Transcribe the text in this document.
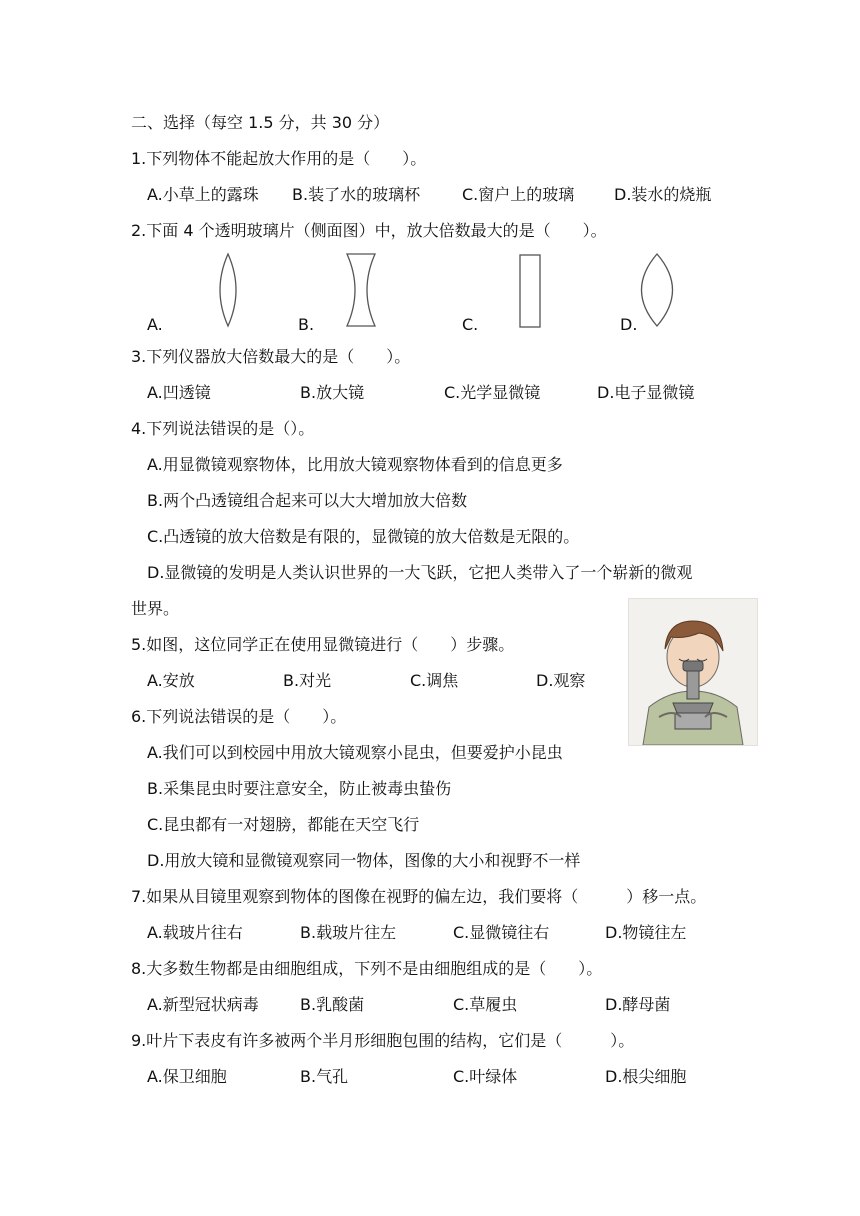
二、选择（每空 1.5 分，共 30 分）
1.下列物体不能起放大作用的是（　　）。
A.小草上的露珠 B.装了水的玻璃杯	C.窗户上的玻璃 D.装水的烧瓶
2.下面 4 个透明玻璃片（侧面图）中，放大倍数最大的是（　　）。
A.	B.	C.	D.
3.下列仪器放大倍数最大的是（　　）。
A.凹透镜	B.放大镜	C.光学显微镜	D.电子显微镜
4.下列说法错误的是（）。
A.用显微镜观察物体，比用放大镜观察物体看到的信息更多
B.两个凸透镜组合起来可以大大增加放大倍数
C.凸透镜的放大倍数是有限的，显微镜的放大倍数是无限的。
D.显微镜的发明是人类认识世界的一大飞跃，它把人类带入了一个崭新的微观
世界。
5.如图，这位同学正在使用显微镜进行（　　）步骤。
A.安放	B.对光	C.调焦	D.观察
6.下列说法错误的是（　　）。
A.我们可以到校园中用放大镜观察小昆虫，但要爱护小昆虫
B.采集昆虫时要注意安全，防止被毒虫蛰伤
C.昆虫都有一对翅膀，都能在天空飞行
D.用放大镜和显微镜观察同一物体，图像的大小和视野不一样
7.如果从目镜里观察到物体的图像在视野的偏左边，我们要将（　　　）移一点。
A.载玻片往右	B.载玻片往左	C.显微镜往右	D.物镜往左
8.大多数生物都是由细胞组成，下列不是由细胞组成的是（　　）。
A.新型冠状病毒	B.乳酸菌	C.草履虫	D.酵母菌
9.叶片下表皮有许多被两个半月形细胞包围的结构，它们是（　　　）。
A.保卫细胞	B.气孔	C.叶绿体	D.根尖细胞
